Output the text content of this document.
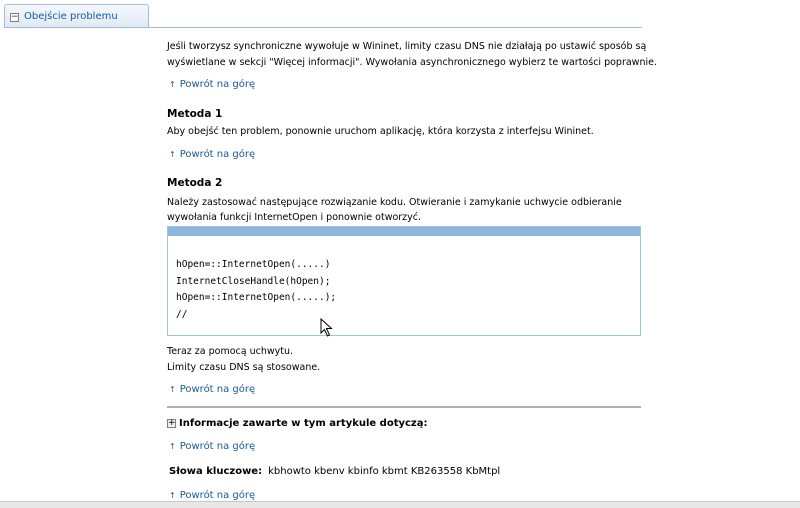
− Obejście problemu
Jeśli tworzysz synchroniczne wywołuje w Wininet, limity czasu DNS nie działają po ustawić sposób są
wyświetlane w sekcji "Więcej informacji". Wywołania asynchronicznego wybierz te wartości poprawnie.
↑ Powrót na górę
Metoda 1
Aby obejść ten problem, ponownie uruchom aplikację, która korzysta z interfejsu Wininet.
↑ Powrót na górę
Metoda 2
Należy zastosować następujące rozwiązanie kodu. Otwieranie i zamykanie uchwycie odbieranie
wywołania funkcji InternetOpen i ponownie otworzyć.
hOpen=::InternetOpen(.....)
InternetCloseHandle(hOpen);
hOpen=::InternetOpen(.....);
//
Teraz za pomocą uchwytu.
Limity czasu DNS są stosowane.
↑ Powrót na górę
+ Informacje zawarte w tym artykule dotyczą:
↑ Powrót na górę
Słowa kluczowe: kbhowto kbenv kbinfo kbmt KB263558 KbMtpl
↑ Powrót na górę
